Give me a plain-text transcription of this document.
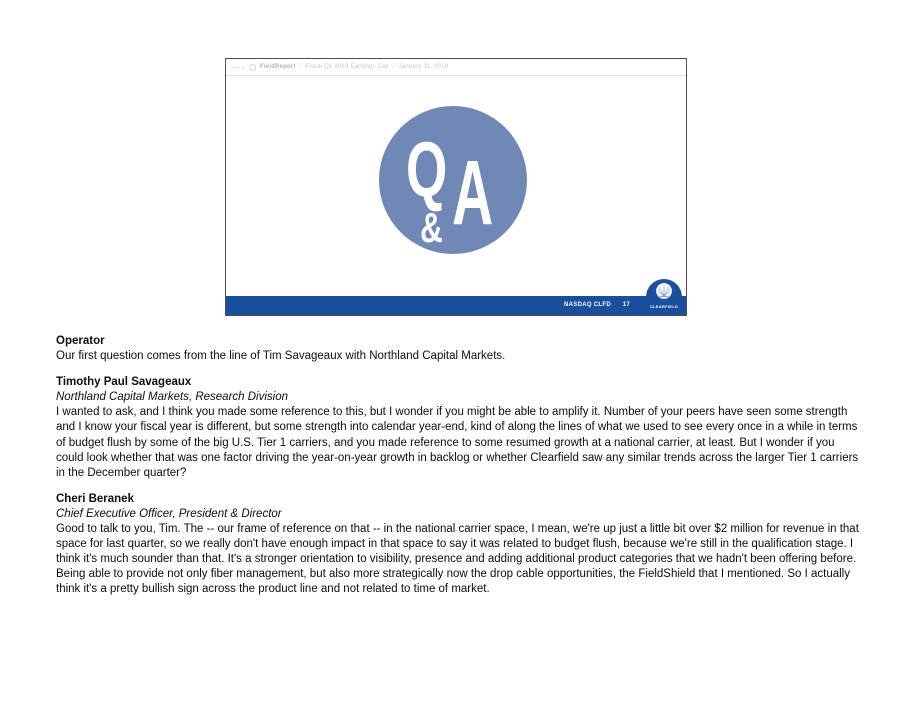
FieldReport / Fiscal Q1 2019 Earnings Call / January 31, 2019
Q
& A
NASDAQ CLFD 17	CLEARFIELD
Operator
Our first question comes from the line of Tim Savageaux with Northland Capital Markets.
Timothy Paul Savageaux
Northland Capital Markets, Research Division
I wanted to ask, and I think you made some reference to this, but I wonder if you might be able to amplify it. Number of your peers have seen some strength and I know your fiscal year is different, but some strength into calendar year-end, kind of along the lines of what we used to see every once in a while in terms of budget flush by some of the big U.S. Tier 1 carriers, and you made reference to some resumed growth at a national carrier, at least. But I wonder if you could look whether that was one factor driving the year-on-year growth in backlog or whether Clearfield saw any similar trends across the larger Tier 1 carriers in the December quarter?
Cheri Beranek
Chief Executive Officer, President & Director
Good to talk to you, Tim. The -- our frame of reference on that -- in the national carrier space, I mean, we're up just a little bit over $2 million for revenue in that space for last quarter, so we really don't have enough impact in that space to say it was related to budget flush, because we're still in the qualification stage. I think it's much sounder than that. It's a stronger orientation to visibility, presence and adding additional product categories that we hadn't been offering before. Being able to provide not only fiber management, but also more strategically now the drop cable opportunities, the FieldShield that I mentioned. So I actually think it's a pretty bullish sign across the product line and not related to time of market.
